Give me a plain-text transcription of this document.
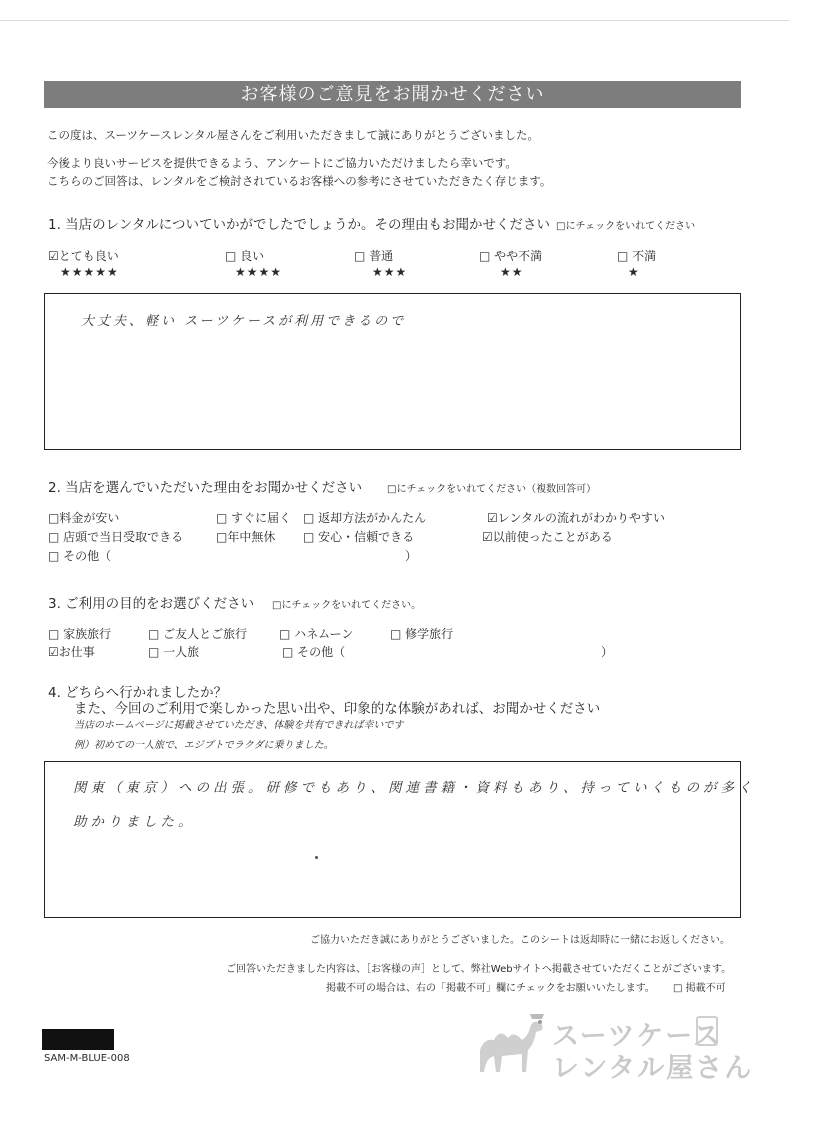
お客様のご意見をお聞かせください
この度は、スーツケースレンタル屋さんをご利用いただきまして誠にありがとうございました。
今後より良いサービスを提供できるよう、アンケートにご協力いただけましたら幸いです。
こちらのご回答は、レンタルをご検討されているお客様への参考にさせていただきたく存じます。
1. 当店のレンタルについていかがでしたでしょうか。その理由もお聞かせください □にチェックをいれてください
☑とても良い	□ 良い	□ 普通	□ やや不満	□ 不満
★★★★★	★★★★	★★★	★★	★
大丈夫、軽い スーツケースが利用できるので
2. 当店を選んでいただいた理由をお聞かせください □にチェックをいれてください（複数回答可）
□料金が安い	□ すぐに届く □ 返却方法がかんたん	☑レンタルの流れがわかりやすい
□ 店頭で当日受取できる	□年中無休 □ 安心・信頼できる	☑以前使ったことがある
□ その他（	）
3. ご利用の目的をお選びください □にチェックをいれてください。
□ 家族旅行	□ ご友人とご旅行	□ ハネムーン	□ 修学旅行
☑お仕事	□ 一人旅	□ その他（	）
4. どちらへ行かれましたか？
また、今回のご利用で楽しかった思い出や、印象的な体験があれば、お聞かせください
当店のホームページに掲載させていただき、体験を共有できれば幸いです
例）初めての一人旅で、エジプトでラクダに乗りました。
関東（東京）への出張。研修でもあり、関連書籍・資料もあり、持っていくものが多く
助かりました。
ご協力いただき誠にありがとうございました。このシートは返却時に一緒にお返しください。
ご回答いただきました内容は、［お客様の声］として、弊社Webサイトへ掲載させていただくことがございます。
掲載不可の場合は、右の「掲載不可」欄にチェックをお願いいたします。 □ 掲載不可
SAM-M-BLUE-008
スーツケース
レンタル屋さん
